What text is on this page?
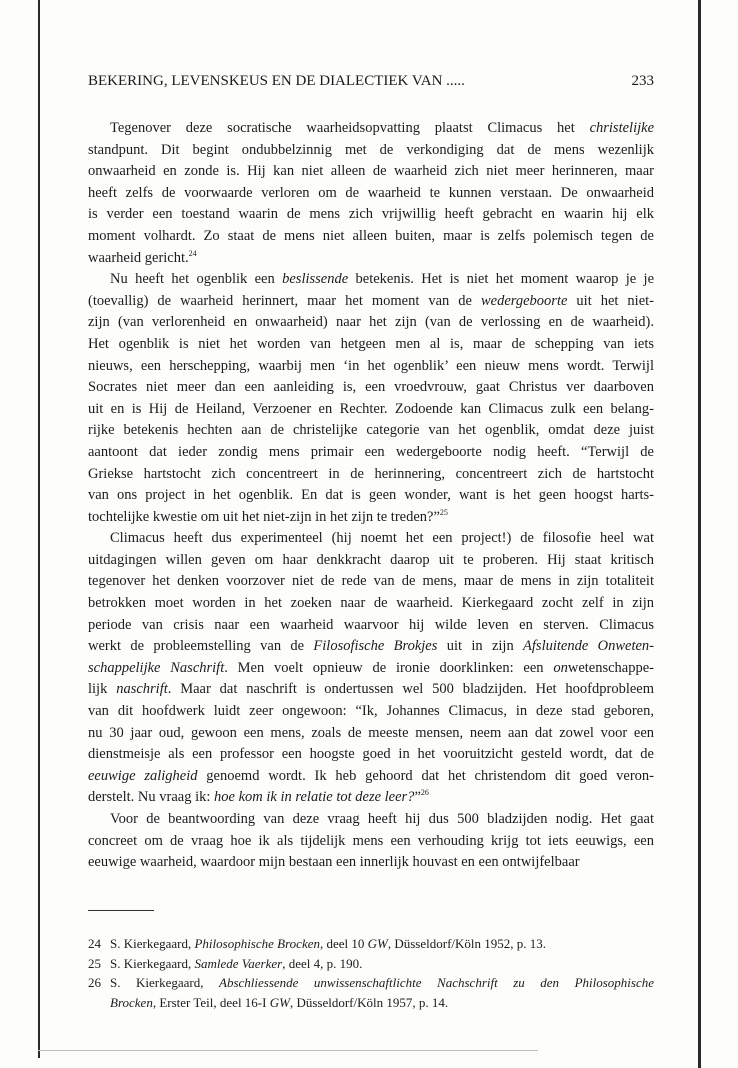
BEKERING, LEVENSKEUS EN DE DIALECTIEK VAN .....	233
Tegenover deze socratische waarheidsopvatting plaatst Climacus het christelijke
standpunt. Dit begint ondubbelzinnig met de verkondiging dat de mens wezenlijk
onwaarheid en zonde is. Hij kan niet alleen de waarheid zich niet meer herinneren, maar
heeft zelfs de voorwaarde verloren om de waarheid te kunnen verstaan. De onwaarheid
is verder een toestand waarin de mens zich vrijwillig heeft gebracht en waarin hij elk
moment volhardt. Zo staat de mens niet alleen buiten, maar is zelfs polemisch tegen de
waarheid gericht.$^{24}$
Nu heeft het ogenblik een beslissende betekenis. Het is niet het moment waarop je je
(toevallig) de waarheid herinnert, maar het moment van de wedergeboorte uit het niet-
zijn (van verlorenheid en onwaarheid) naar het zijn (van de verlossing en de waarheid).
Het ogenblik is niet het worden van hetgeen men al is, maar de schepping van iets
nieuws, een herschepping, waarbij men ‘in het ogenblik’ een nieuw mens wordt. Terwijl
Socrates niet meer dan een aanleiding is, een vroedvrouw, gaat Christus ver daarboven
uit en is Hij de Heiland, Verzoener en Rechter. Zodoende kan Climacus zulk een belang-
rijke betekenis hechten aan de christelijke categorie van het ogenblik, omdat deze juist
aantoont dat ieder zondig mens primair een wedergeboorte nodig heeft. “Terwijl de
Griekse hartstocht zich concentreert in de herinnering, concentreert zich de hartstocht
van ons project in het ogenblik. En dat is geen wonder, want is het geen hoogst harts-
tochtelijke kwestie om uit het niet-zijn in het zijn te treden?”$^{25}$
Climacus heeft dus experimenteel (hij noemt het een project!) de filosofie heel wat
uitdagingen willen geven om haar denkkracht daarop uit te proberen. Hij staat kritisch
tegenover het denken voorzover niet de rede van de mens, maar de mens in zijn totaliteit
betrokken moet worden in het zoeken naar de waarheid. Kierkegaard zocht zelf in zijn
periode van crisis naar een waarheid waarvoor hij wilde leven en sterven. Climacus
werkt de probleemstelling van de Filosofische Brokjes uit in zijn Afsluitende Onweten-
schappelijke Naschrift. Men voelt opnieuw de ironie doorklinken: een onwetenschappe-
lijk naschrift. Maar dat naschrift is ondertussen wel 500 bladzijden. Het hoofdprobleem
van dit hoofdwerk luidt zeer ongewoon: “Ik, Johannes Climacus, in deze stad geboren,
nu 30 jaar oud, gewoon een mens, zoals de meeste mensen, neem aan dat zowel voor een
dienstmeisje als een professor een hoogste goed in het vooruitzicht gesteld wordt, dat de
eeuwige zaligheid genoemd wordt. Ik heb gehoord dat het christendom dit goed veron-
derstelt. Nu vraag ik: hoe kom ik in relatie tot deze leer?”$^{26}$
Voor de beantwoording van deze vraag heeft hij dus 500 bladzijden nodig. Het gaat
concreet om de vraag hoe ik als tijdelijk mens een verhouding krijg tot iets eeuwigs, een
eeuwige waarheid, waardoor mijn bestaan een innerlijk houvast en een ontwijfelbaar
24 S. Kierkegaard, Philosophische Brocken, deel 10 GW, Düsseldorf/Köln 1952, p. 13.
25 S. Kierkegaard, Samlede Vaerker, deel 4, p. 190.
26 S. Kierkegaard, Abschliessende unwissenschaftlichte Nachschrift zu den Philosophische
Brocken, Erster Teil, deel 16-I GW, Düsseldorf/Köln 1957, p. 14.
